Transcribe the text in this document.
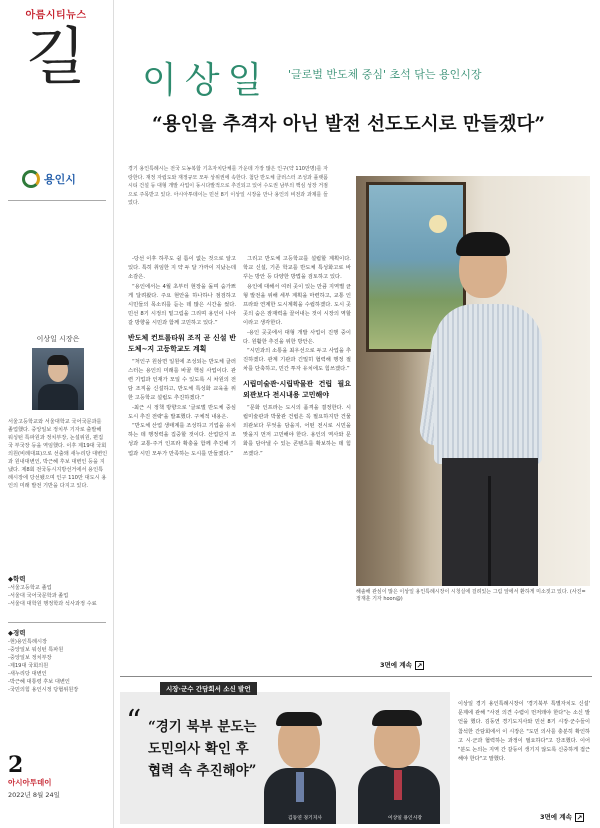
아름시티뉴스
길
용인시
이상일 시장은
서울고등학교와 서울대학교 국어국문과를 졸업했다. 중앙일보 정치부 기자로 출발해 워싱턴 특파원과 정치부장, 논설위원, 편집국 부국장 등을 역임했다. 이후 제19대 국회의원(비례대표)으로 선출돼 새누리당 대변인과 원내대변인, 박근혜 후보 대변인 등을 지냈다. 제8회 전국동시지방선거에서 용인특례시장에 당선됐으며 인구 110만 대도시 용인의 미래 발전 기반을 다지고 있다.
◆학력
-서울고등학교 졸업
-서울대 국어국문학과 졸업
-서울대 대학원 행정학과 석사과정 수료
◆경력
-현)용인특례시장
-중앙일보 워싱턴 특파원
-중앙일보 정치부장
-제19대 국회의원
-새누리당 대변인
-박근혜 대통령 후보 대변인
-국민의힘 용인시정 당협위원장
2
아시아투데이
2022년 8월 24일
이상일 '글로벌 반도체 중심' 초석 닦는 용인시장
“용인을 추격자 아닌 발전 선도도시로 만들겠다”
경기 용인특례시는 전국 도농복합 기초자치단체를 가운데 가장 많은 인구(약 110만명)를 자랑한다. 재정 자립도와 재정규모 모두 상위권에 속한다. 첨단 반도체 클러스터 조성과 플랫폼시티 건설 등 대형 개발 사업이 동시다발적으로 추진되고 있어 수도권 남부의 핵심 성장 거점으로 주목받고 있다. 아시아투데이는 민선 8기 이상일 시장을 만나 용인의 비전과 과제를 들었다.
해솔해 관심이 많은 이상일 용인특례시장이 시청실에 걸려있는 그림 앞에서 환하게 미소짓고 있다. (사진=정재훈 기자 hoon@)

-당선 이후 하루도 쉴 틈이 없는 것으로 알고 있다. 특히 취임한 지 약 두 달 가까이 지났는데 소감은.

“용인에서는 4월 초부터 현장을 돌며 숨가쁘게 달려왔다. 주요 현안을 하나하나 점검하고 시민들의 목소리를 듣는 데 많은 시간을 썼다. 민선 8기 시정의 밑그림을 그리며 용인이 나아갈 방향을 시민과 함께 고민하고 있다.”

반도체 컨트롤타워 조직 곧 신설 반도체~지 고등학교도 계획

“처인구 원삼면 일원에 조성되는 반도체 클러스터는 용인의 미래를 바꿀 핵심 사업이다. 관련 기업과 인재가 모일 수 있도록 시 차원의 전담 조직을 신설하고, 반도체 특성화 교육을 위한 고등학교 설립도 추진하겠다.”

-최근 시 정책 방향으로 '글로벌 반도체 중심도시 추진 전략'을 발표했다. 구체적 내용은.

“반도체 산업 생태계를 조성하고 기업을 유치하는 데 행정력을 집중할 것이다. 산업단지 조성과 교통·주거 인프라 확충을 함께 추진해 기업과 시민 모두가 만족하는 도시를 만들겠다.”

그리고 반도체 고등학교를 설립할 계획이다. 학교 신설, 기존 학교를 반도체 특성화고로 바꾸는 방안 등 다양한 방법을 검토하고 있다.

용인에 대해서 여러 곳이 있는 만큼 지역별 균형 발전을 위해 세부 계획을 마련하고, 교통 인프라와 연계한 도시계획을 수립하겠다. 도시 곳곳의 숨은 잠재력을 끌어내는 것이 시장의 역할이라고 생각한다.

-용인 곳곳에서 대형 개발 사업이 진행 중이다. 원활한 추진을 위한 방안은.

“시민과의 소통을 최우선으로 두고 사업을 추진하겠다. 관계 기관과 긴밀히 협력해 행정 절차를 단축하고, 민간 투자 유치에도 힘쓰겠다.”

시립미술관·시립박물관 건립 필요 외관보다 전시내용 고민해야

“문화 인프라는 도시의 품격을 결정한다. 시립미술관과 박물관 건립은 꼭 필요하지만 건물 외관보다 무엇을 담을지, 어떤 전시로 시민을 맞을지 먼저 고민해야 한다. 용인의 역사와 문화를 담아낼 수 있는 콘텐츠를 확보하는 데 힘쓰겠다.”

3면에 계속 ↗
시장·군수 간담회서 소신 발언
“ “경기 북부 분도는
도민의사 확인 후
협력 속 추진해야”
김동연 경기지사	이상일 용인시장
이상일 경기 용인특례시장이 '경기북부 특별자치도 신설' 문제에 관해 "사전 의견 수렴이 먼저돼야 한다"는 소신 발언을 했다. 김동연 경기도지사와 민선 8기 시장·군수들이 참석한 간담회에서 이 시장은 "도민 의사를 충분히 확인하고 시·군과 협력하는 과정이 필요하다"고 강조했다. 이어 "분도 논의는 지역 간 갈등이 생기지 않도록 신중하게 접근해야 한다"고 말했다.
3면에 계속 ↗
